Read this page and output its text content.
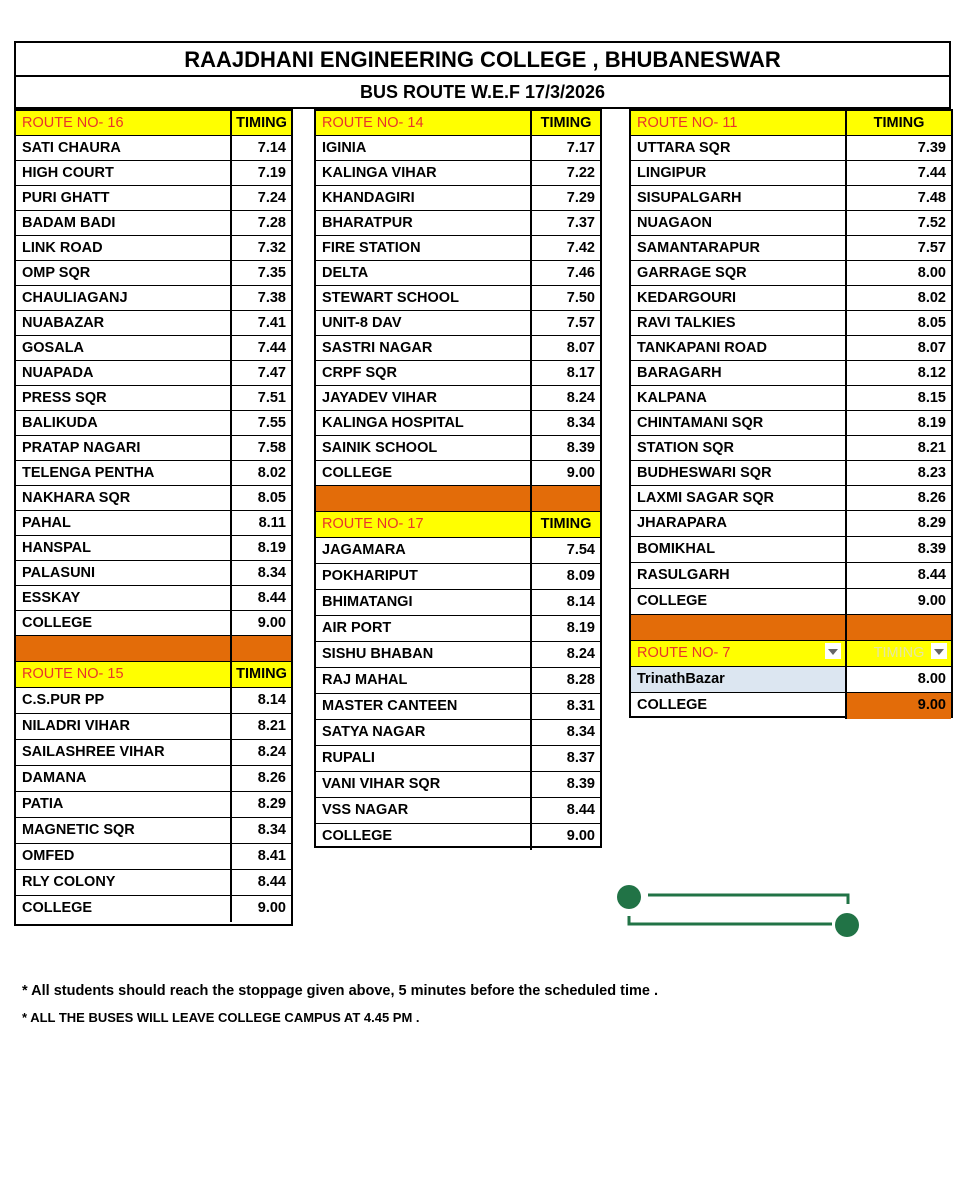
RAAJDHANI ENGINEERING COLLEGE , BHUBANESWAR
BUS ROUTE W.E.F 17/3/2026
ROUTE NO- 16	TIMING
SATI CHAURA	7.14
HIGH COURT	7.19
PURI GHATT	7.24
BADAM BADI	7.28
LINK ROAD	7.32
OMP SQR	7.35
CHAULIAGANJ	7.38
NUABAZAR	7.41
GOSALA	7.44
NUAPADA	7.47
PRESS SQR	7.51
BALIKUDA	7.55
PRATAP NAGARI	7.58
TELENGA PENTHA	8.02
NAKHARA SQR	8.05
PAHAL	8.11
HANSPAL	8.19
PALASUNI	8.34
ESSKAY	8.44
COLLEGE	9.00
ROUTE NO- 15	TIMING
C.S.PUR PP	8.14
NILADRI VIHAR	8.21
SAILASHREE VIHAR	8.24
DAMANA	8.26
PATIA	8.29
MAGNETIC SQR	8.34
OMFED	8.41
RLY COLONY	8.44
COLLEGE	9.00
ROUTE NO- 14	TIMING
IGINIA	7.17
KALINGA VIHAR	7.22
KHANDAGIRI	7.29
BHARATPUR	7.37
FIRE STATION	7.42
DELTA	7.46
STEWART SCHOOL	7.50
UNIT-8 DAV	7.57
SASTRI NAGAR	8.07
CRPF SQR	8.17
JAYADEV VIHAR	8.24
KALINGA HOSPITAL	8.34
SAINIK SCHOOL	8.39
COLLEGE	9.00
ROUTE NO- 17	TIMING
JAGAMARA	7.54
POKHARIPUT	8.09
BHIMATANGI	8.14
AIR PORT	8.19
SISHU BHABAN	8.24
RAJ MAHAL	8.28
MASTER CANTEEN	8.31
SATYA NAGAR	8.34
RUPALI	8.37
VANI VIHAR SQR	8.39
VSS NAGAR	8.44
COLLEGE	9.00
ROUTE NO- 11	TIMING
UTTARA SQR	7.39
LINGIPUR	7.44
SISUPALGARH	7.48
NUAGAON	7.52
SAMANTARAPUR	7.57
GARRAGE SQR	8.00
KEDARGOURI	8.02
RAVI TALKIES	8.05
TANKAPANI ROAD	8.07
BARAGARH	8.12
KALPANA	8.15
CHINTAMANI SQR	8.19
STATION SQR	8.21
BUDHESWARI SQR	8.23
LAXMI SAGAR SQR	8.26
JHARAPARA	8.29
BOMIKHAL	8.39
RASULGARH	8.44
COLLEGE	9.00
ROUTE NO- 7	TIMING
TrinathBazar	8.00
COLLEGE	9.00
* All students should reach the stoppage given above, 5 minutes before the scheduled time .
* ALL THE BUSES WILL LEAVE COLLEGE CAMPUS AT 4.45 PM .
